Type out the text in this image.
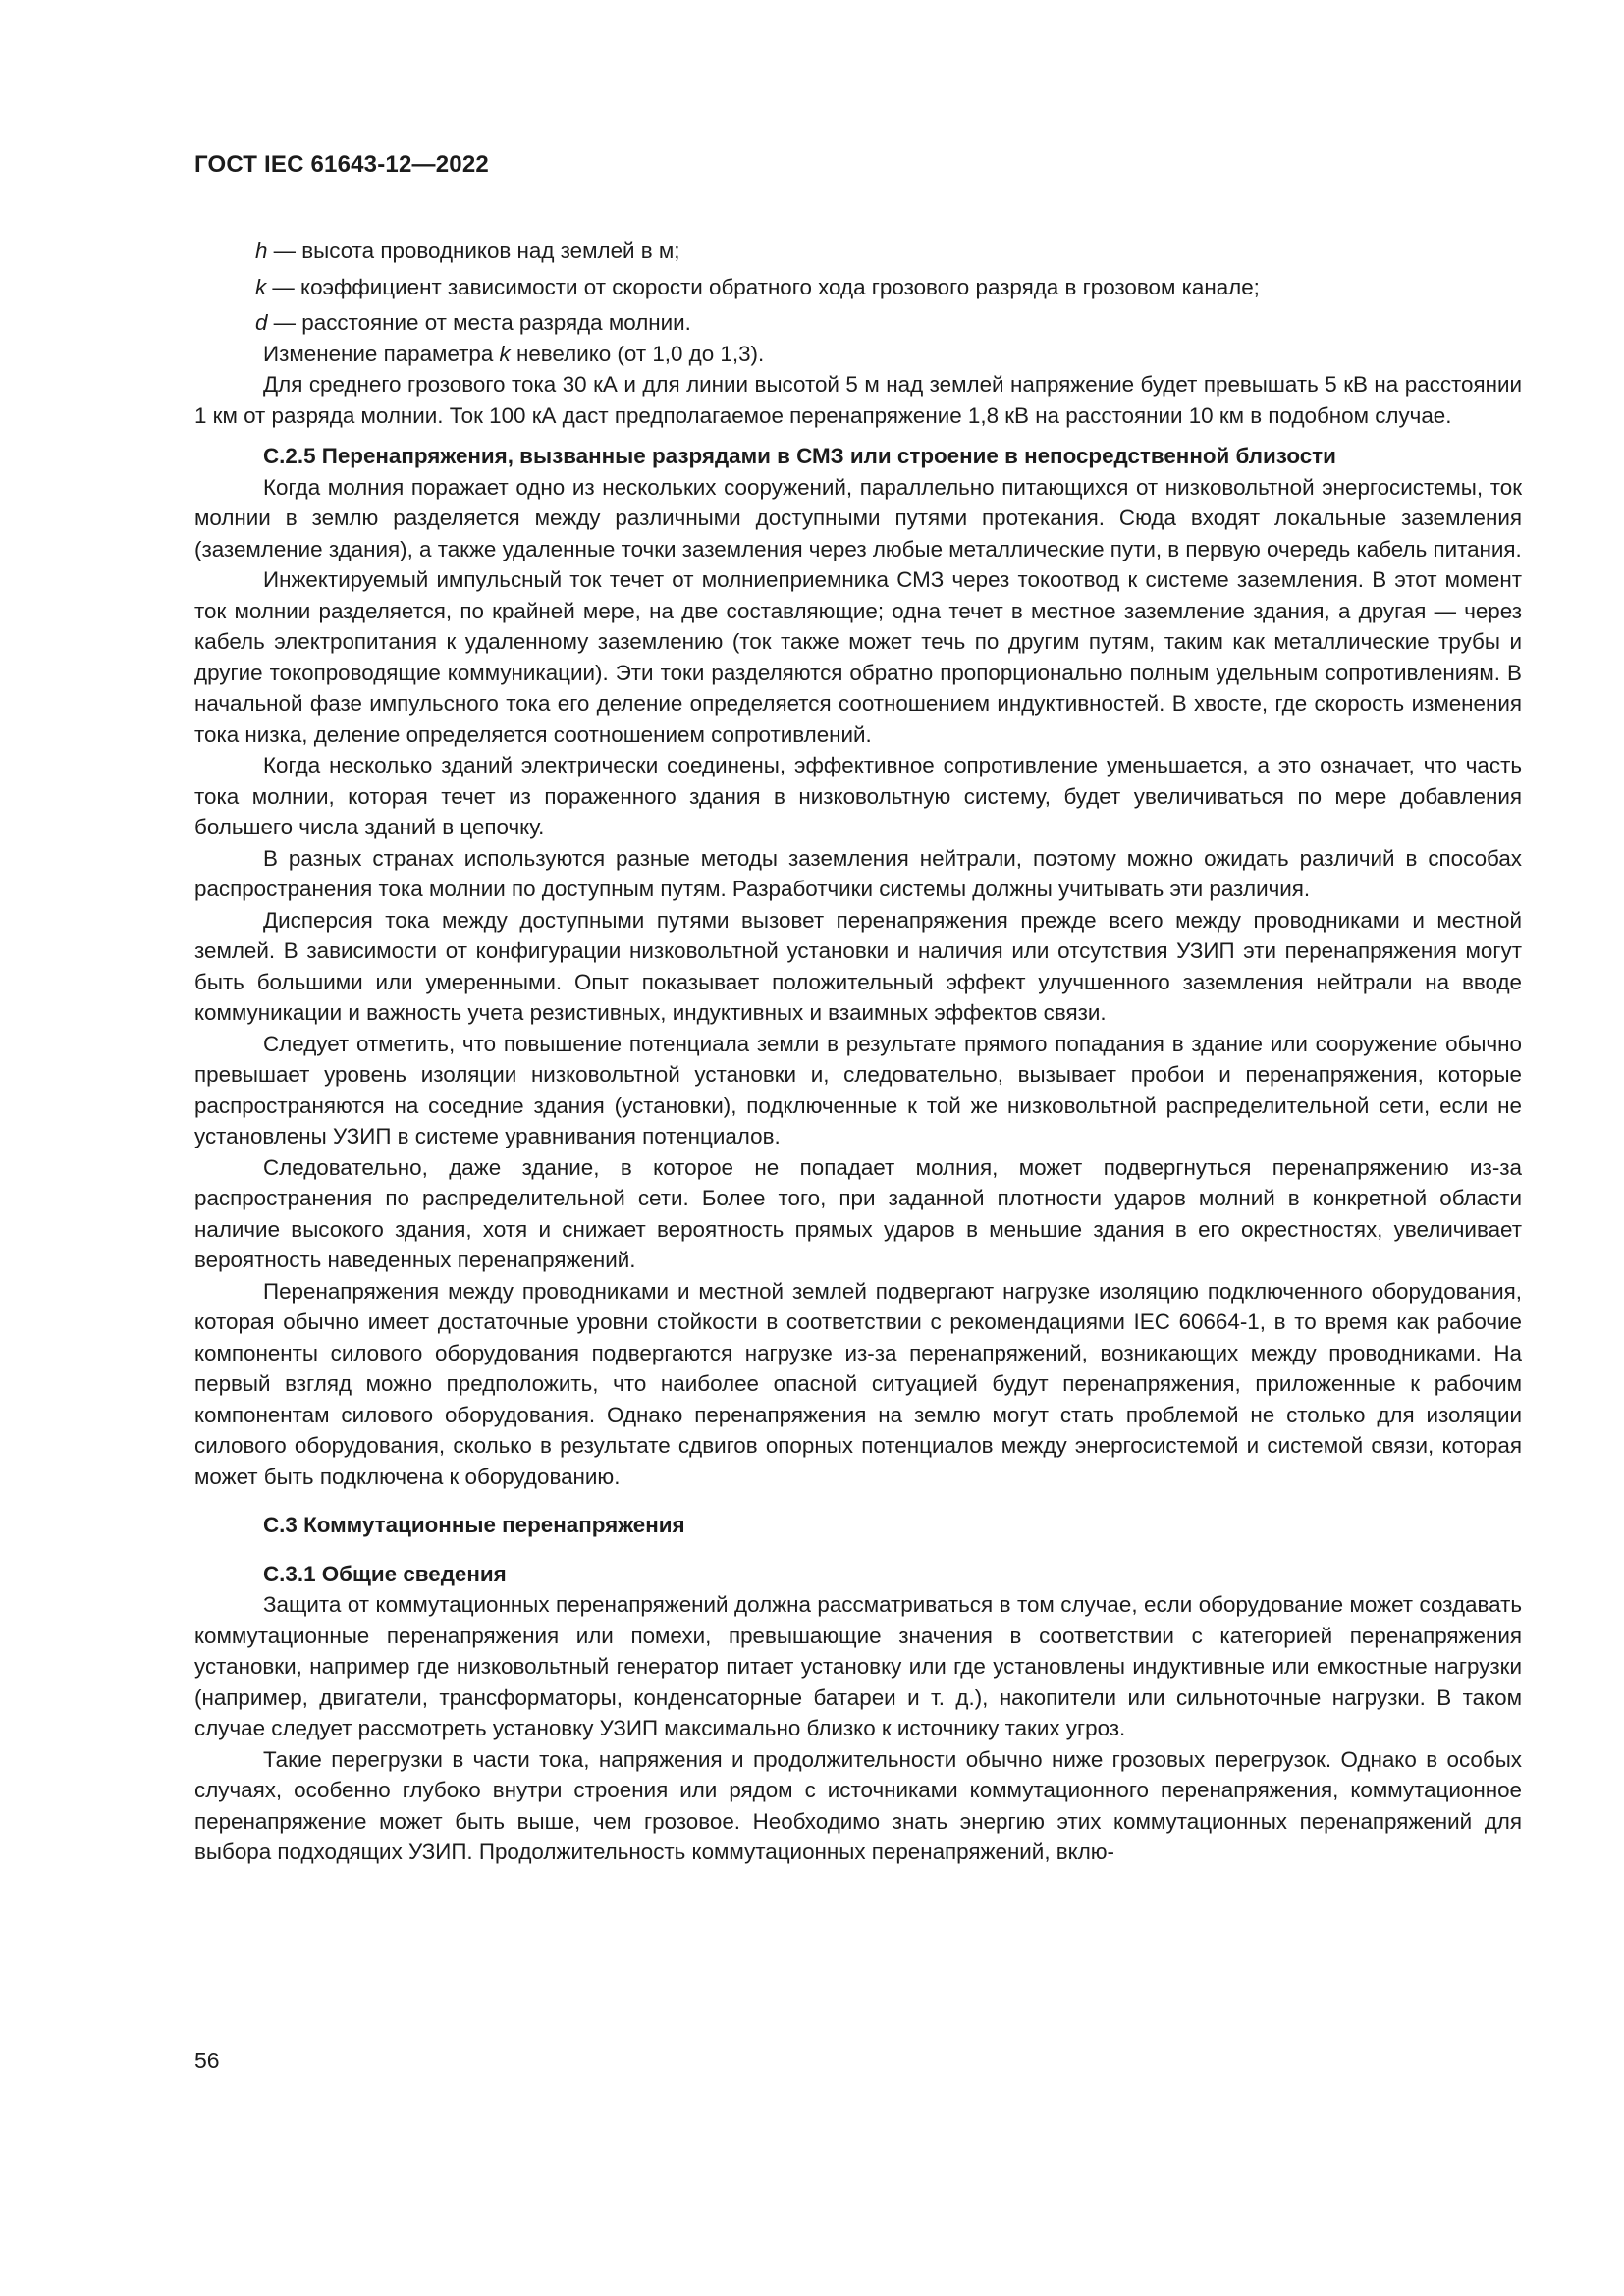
ГОСТ IEC 61643-12—2022

h — высота проводников над землей в м;

k — коэффициент зависимости от скорости обратного хода грозового разряда в грозовом канале;

d — расстояние от места разряда молнии.

Изменение параметра k невелико (от 1,0 до 1,3).

Для среднего грозового тока 30 кА и для линии высотой 5 м над землей напряжение будет превышать 5 кВ на расстоянии 1 км от разряда молнии. Ток 100 кА даст предполагаемое перенапряжение 1,8 кВ на расстоянии 10 км в подобном случае.

С.2.5 Перенапряжения, вызванные разрядами в СМЗ или строение в непосредственной близости

Когда молния поражает одно из нескольких сооружений, параллельно питающихся от низковольтной энергосистемы, ток молнии в землю разделяется между различными доступными путями протекания. Сюда входят локальные заземления (заземление здания), а также удаленные точки заземления через любые металлические пути, в первую очередь кабель питания.

Инжектируемый импульсный ток течет от молниеприемника СМЗ через токоотвод к системе заземления. В этот момент ток молнии разделяется, по крайней мере, на две составляющие; одна течет в местное заземление здания, а другая — через кабель электропитания к удаленному заземлению (ток также может течь по другим путям, таким как металлические трубы и другие токопроводящие коммуникации). Эти токи разделяются обратно пропорционально полным удельным сопротивлениям. В начальной фазе импульсного тока его деление определяется соотношением индуктивностей. В хвосте, где скорость изменения тока низка, деление определяется соотношением сопротивлений.

Когда несколько зданий электрически соединены, эффективное сопротивление уменьшается, а это означает, что часть тока молнии, которая течет из пораженного здания в низковольтную систему, будет увеличиваться по мере добавления большего числа зданий в цепочку.

В разных странах используются разные методы заземления нейтрали, поэтому можно ожидать различий в способах распространения тока молнии по доступным путям. Разработчики системы должны учитывать эти различия.

Дисперсия тока между доступными путями вызовет перенапряжения прежде всего между проводниками и местной землей. В зависимости от конфигурации низковольтной установки и наличия или отсутствия УЗИП эти перенапряжения могут быть большими или умеренными. Опыт показывает положительный эффект улучшенного заземления нейтрали на вводе коммуникации и важность учета резистивных, индуктивных и взаимных эффектов связи.

Следует отметить, что повышение потенциала земли в результате прямого попадания в здание или сооружение обычно превышает уровень изоляции низковольтной установки и, следовательно, вызывает пробои и перенапряжения, которые распространяются на соседние здания (установки), подключенные к той же низковольтной распределительной сети, если не установлены УЗИП в системе уравнивания потенциалов.

Следовательно, даже здание, в которое не попадает молния, может подвергнуться перенапряжению из-за распространения по распределительной сети. Более того, при заданной плотности ударов молний в конкретной области наличие высокого здания, хотя и снижает вероятность прямых ударов в меньшие здания в его окрестностях, увеличивает вероятность наведенных перенапряжений.

Перенапряжения между проводниками и местной землей подвергают нагрузке изоляцию подключенного оборудования, которая обычно имеет достаточные уровни стойкости в соответствии с рекомендациями IEC 60664-1, в то время как рабочие компоненты силового оборудования подвергаются нагрузке из-за перенапряжений, возникающих между проводниками. На первый взгляд можно предположить, что наиболее опасной ситуацией будут перенапряжения, приложенные к рабочим компонентам силового оборудования. Однако перенапряжения на землю могут стать проблемой не столько для изоляции силового оборудования, сколько в результате сдвигов опорных потенциалов между энергосистемой и системой связи, которая может быть подключена к оборудованию.

С.3 Коммутационные перенапряжения

С.3.1 Общие сведения

Защита от коммутационных перенапряжений должна рассматриваться в том случае, если оборудование может создавать коммутационные перенапряжения или помехи, превышающие значения в соответствии с категорией перенапряжения установки, например где низковольтный генератор питает установку или где установлены индуктивные или емкостные нагрузки (например, двигатели, трансформаторы, конденсаторные батареи и т. д.), накопители или сильноточные нагрузки. В таком случае следует рассмотреть установку УЗИП максимально близко к источнику таких угроз.

Такие перегрузки в части тока, напряжения и продолжительности обычно ниже грозовых перегрузок. Однако в особых случаях, особенно глубоко внутри строения или рядом с источниками коммутационного перенапряжения, коммутационное перенапряжение может быть выше, чем грозовое. Необходимо знать энергию этих коммутационных перенапряжений для выбора подходящих УЗИП. Продолжительность коммутационных перенапряжений, вклю-

56
